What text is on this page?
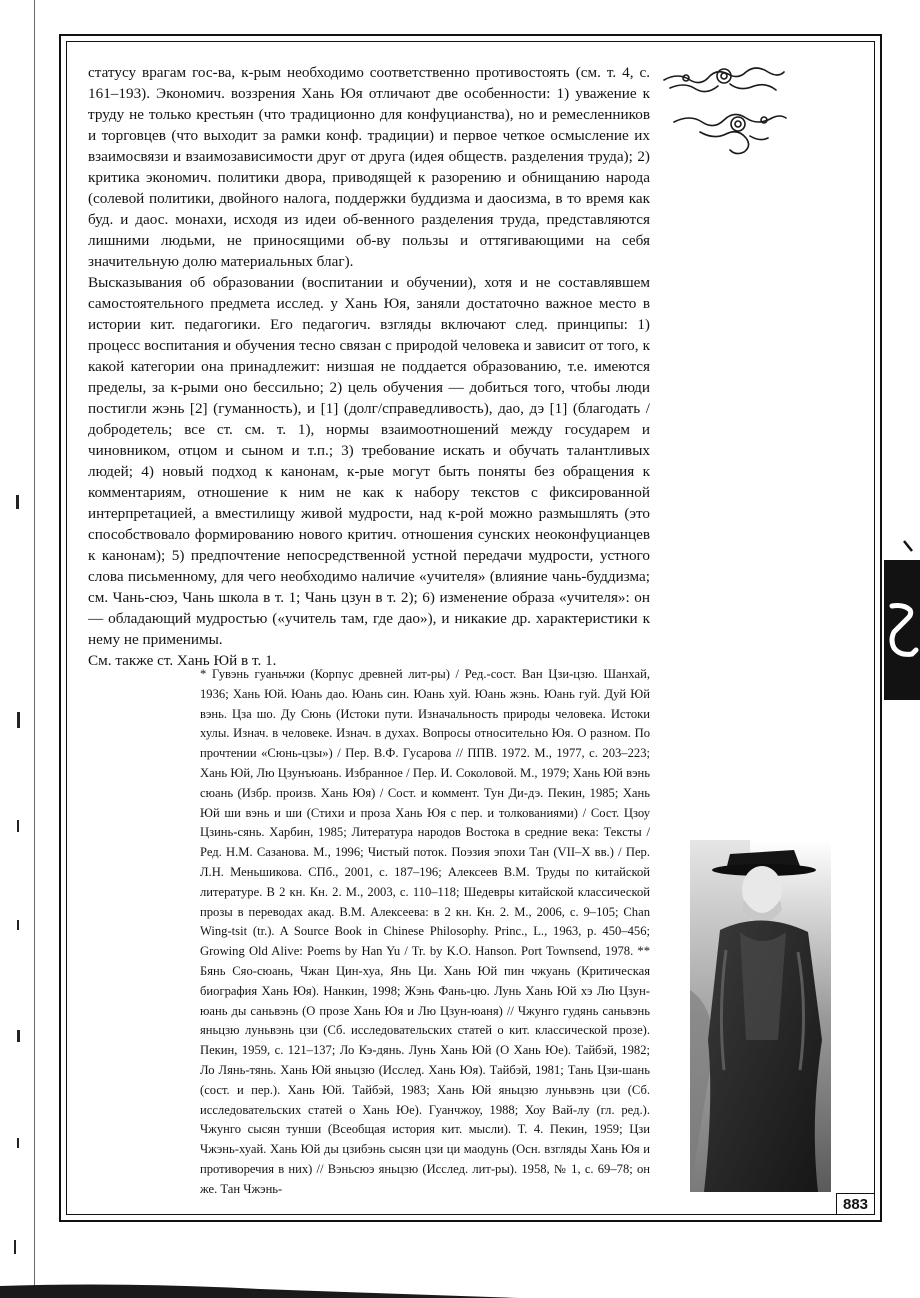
883

статусу врагам гос-ва, к-рым необходимо соответственно противостоять (см. т. 4, с. 161–193). Экономич. воззрения Хань Юя отличают две особенности: 1) уважение к труду не только крестьян (что традиционно для конфуцианства), но и ремесленников и торговцев (что выходит за рамки конф. традиции) и первое четкое осмысление их взаимосвязи и взаимозависимости друг от друга (идея обществ. разделения труда); 2) критика экономич. политики двора, приводящей к разорению и обнищанию народа (солевой политики, двойного налога, поддержки буддизма и даосизма, в то время как буд. и даос. монахи, исходя из идеи об-венного разделения труда, представляются лишними людьми, не приносящими об-ву пользы и оттягивающими на себя значительную долю материальных благ).

Высказывания об образовании (воспитании и обучении), хотя и не составлявшем самостоятельного предмета исслед. у Хань Юя, заняли достаточно важное место в истории кит. педагогики. Его педагогич. взгляды включают след. принципы: 1) процесс воспитания и обучения тесно связан с природой человека и зависит от того, к какой категории она принадлежит: низшая не поддается образованию, т.е. имеются пределы, за к-рыми оно бессильно; 2) цель обучения — добиться того, чтобы люди постигли жэнь [2] (гуманность), и [1] (долг/справедливость), дао, дэ [1] (благодать / добродетель; все ст. см. т. 1), нормы взаимоотношений между государем и чиновником, отцом и сыном и т.п.; 3) требование искать и обучать талантливых людей; 4) новый подход к канонам, к-рые могут быть поняты без обращения к комментариям, отношение к ним не как к набору текстов с фиксированной интерпретацией, а вместилищу живой мудрости, над к-рой можно размышлять (это способствовало формированию нового критич. отношения сунских неоконфуцианцев к канонам); 5) предпочтение непосредственной устной передачи мудрости, устного слова письменному, для чего необходимо наличие «учителя» (влияние чань-буддизма; см. Чань-сюэ, Чань школа в т. 1; Чань цзун в т. 2); 6) изменение образа «учителя»: он — обладающий мудростью («учитель там, где дао»), и никакие др. характеристики к нему не применимы.

См. также ст. Хань Юй в т. 1.

* Гувэнь гуаньчжи (Корпус древней лит-ры) / Ред.-сост. Ван Цзи-цзю. Шанхай, 1936; Хань Юй. Юань дао. Юань син. Юань хуй. Юань жэнь. Юань гуй. Дуй Юй вэнь. Цза шо. Ду Сюнь (Истоки пути. Изначальность природы человека. Истоки хулы. Изнач. в человеке. Изнач. в духах. Вопросы относительно Юя. О разном. По прочтении «Сюнь-цзы») / Пер. В.Ф. Гусарова // ППВ. 1972. М., 1977, с. 203–223; Хань Юй, Лю Цзунъюань. Избранное / Пер. И. Соколовой. М., 1979; Хань Юй вэнь сюань (Избр. произв. Хань Юя) / Сост. и коммент. Тун Ди-дэ. Пекин, 1985; Хань Юй ши вэнь и ши (Стихи и проза Хань Юя с пер. и толкованиями) / Сост. Цзоу Цзинь-сянь. Харбин, 1985; Литература народов Востока в средние века: Тексты / Ред. Н.М. Сазанова. М., 1996; Чистый поток. Поэзия эпохи Тан (VII–X вв.) / Пер. Л.Н. Меньшикова. СПб., 2001, с. 187–196; Алексеев В.М. Труды по китайской литературе. В 2 кн. Кн. 2. М., 2003, с. 110–118; Шедевры китайской классической прозы в переводах акад. В.М. Алексеева: в 2 кн. Кн. 2. М., 2006, с. 9–105; Chan Wing-tsit (tr.). A Source Book in Chinese Philosophy. Princ., L., 1963, p. 450–456; Growing Old Alive: Poems by Han Yu / Tr. by K.O. Hanson. Port Townsend, 1978. ** Бянь Сяо-сюань, Чжан Цин-хуа, Янь Ци. Хань Юй пин чжуань (Критическая биография Хань Юя). Нанкин, 1998; Жэнь Фань-цю. Лунь Хань Юй хэ Лю Цзун-юань ды саньвэнь (О прозе Хань Юя и Лю Цзун-юаня) // Чжунго гудянь саньвэнь яньцзю луньвэнь цзи (Сб. исследовательских статей о кит. классической прозе). Пекин, 1959, с. 121–137; Ло Кэ-дянь. Лунь Хань Юй (О Хань Юе). Тайбэй, 1982; Ло Лянь-тянь. Хань Юй яньцзю (Исслед. Хань Юя). Тайбэй, 1981; Тань Цзи-шань (сост. и пер.). Хань Юй. Тайбэй, 1983; Хань Юй яньцзю луньвэнь цзи (Сб. исследовательских статей о Хань Юе). Гуанчжоу, 1988; Хоу Вай-лу (гл. ред.). Чжунго сысян тунши (Всеобщая история кит. мысли). Т. 4. Пекин, 1959; Цзи Чжэнь-хуай. Хань Юй ды цзибэнь сысян цзи ци маодунь (Осн. взгляды Хань Юя и противоречия в них) // Вэньсюэ яньцзю (Исслед. лит-ры). 1958, № 1, с. 69–78; он же. Тан Чжэнь-
